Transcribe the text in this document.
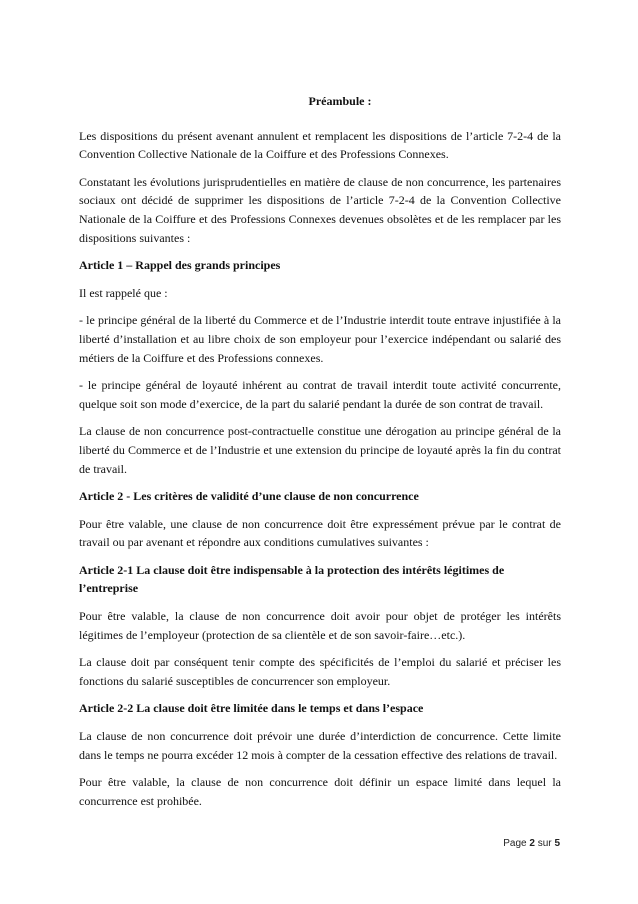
Préambule :

Les dispositions du présent avenant annulent et remplacent les dispositions de l’article 7-2-4 de la Convention Collective Nationale de la Coiffure et des Professions Connexes.

Constatant les évolutions jurisprudentielles en matière de clause de non concurrence, les partenaires sociaux ont décidé de supprimer les dispositions de l’article 7-2-4 de la Convention Collective Nationale de la Coiffure et des Professions Connexes devenues obsolètes et de les remplacer par les dispositions suivantes :

Article 1 – Rappel des grands principes

Il est rappelé que :

- le principe général de la liberté du Commerce et de l’Industrie interdit toute entrave injustifiée à la liberté d’installation et au libre choix de son employeur pour l’exercice indépendant ou salarié des métiers de la Coiffure et des Professions connexes.

- le principe général de loyauté inhérent au contrat de travail interdit toute activité concurrente, quelque soit son mode d’exercice, de la part du salarié pendant la durée de son contrat de travail.

La clause de non concurrence post-contractuelle constitue une dérogation au principe général de la liberté du Commerce et de l’Industrie et une extension du principe de loyauté après la fin du contrat de travail.

Article 2 - Les critères de validité d’une clause de non concurrence

Pour être valable, une clause de non concurrence doit être expressément prévue par le contrat de travail ou par avenant et répondre aux conditions cumulatives suivantes :

Article 2-1 La clause doit être indispensable à la protection des intérêts légitimes de l’entreprise

Pour être valable, la clause de non concurrence doit avoir pour objet de protéger les intérêts légitimes de l’employeur (protection de sa clientèle et de son savoir-faire…etc.).

La clause doit par conséquent tenir compte des spécificités de l’emploi du salarié et préciser les fonctions du salarié susceptibles de concurrencer son employeur.

Article 2-2 La clause doit être limitée dans le temps et dans l’espace

La clause de non concurrence doit prévoir une durée d’interdiction de concurrence. Cette limite dans le temps ne pourra excéder 12 mois à compter de la cessation effective des relations de travail.

Pour être valable, la clause de non concurrence doit définir un espace limité dans lequel la concurrence est prohibée.

Page 2 sur 5
